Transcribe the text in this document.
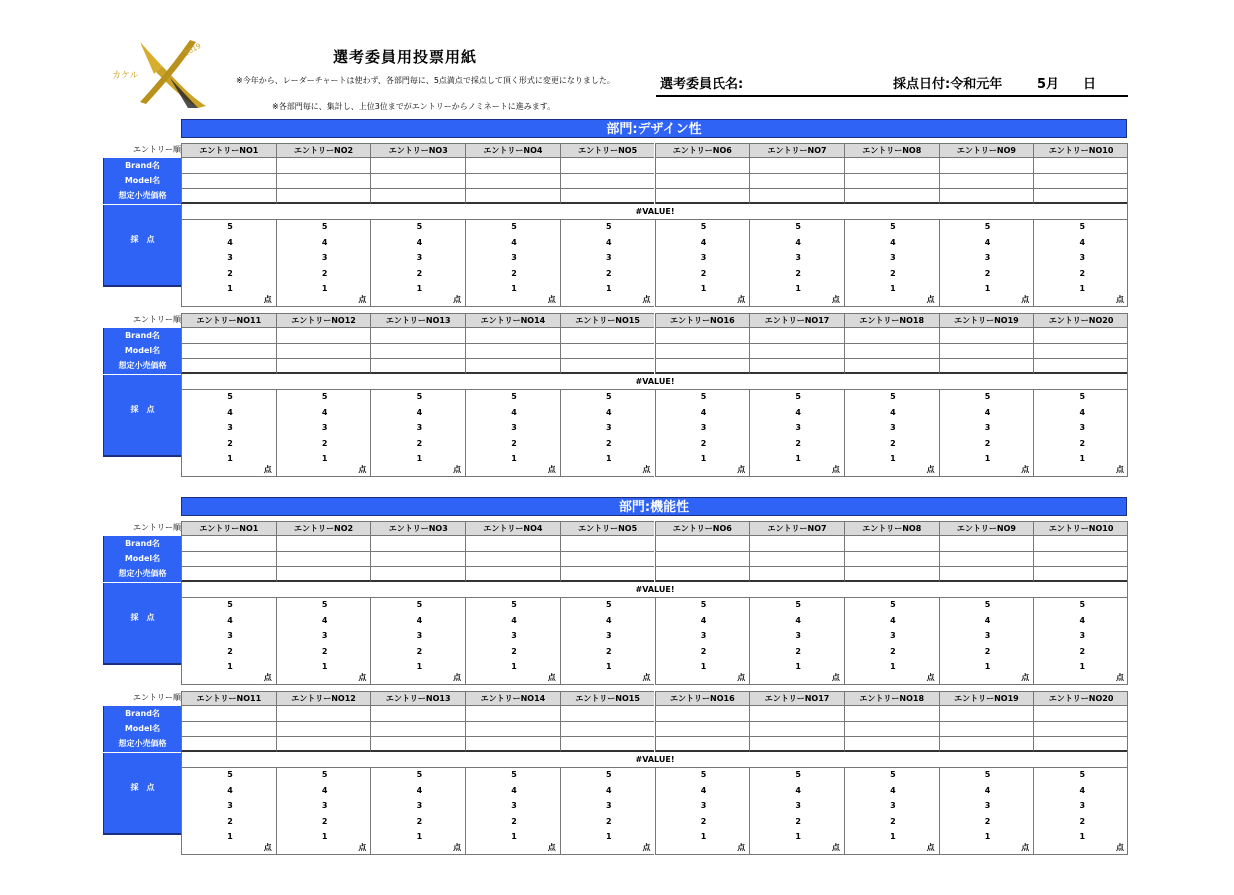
2019
カケル
選考委員用投票用紙
※今年から、レーダーチャートは使わず、各部門毎に、5点満点で採点して頂く形式に変更になりました。
※各部門毎に、集計し、上位3位までがエントリーからノミネートに進みます。
選考委員氏名:	採点日付:令和元年	5月 日
部門:デザイン性
エントリー順
Brand名
Model名
想定小売価格
採　点
エントリーNO1
5
4
3
2
1
点
エントリーNO2
5
4
3
2
1
点
エントリーNO3
5
4
3
2
1
点
エントリーNO4
5
4
3
2
1
点
エントリーNO5
5
4
3
2
1
点
エントリーNO6
5
4
3
2
1
点
エントリーNO7
5
4
3
2
1
点
エントリーNO8
5
4
3
2
1
点
エントリーNO9
5
4
3
2
1
点
エントリーNO10
5
4
3
2
1
点
#VALUE!
エントリー順
Brand名
Model名
想定小売価格
採　点
エントリーNO11
5
4
3
2
1
点
エントリーNO12
5
4
3
2
1
点
エントリーNO13
5
4
3
2
1
点
エントリーNO14
5
4
3
2
1
点
エントリーNO15
5
4
3
2
1
点
エントリーNO16
5
4
3
2
1
点
エントリーNO17
5
4
3
2
1
点
エントリーNO18
5
4
3
2
1
点
エントリーNO19
5
4
3
2
1
点
エントリーNO20
5
4
3
2
1
点
#VALUE!
部門:機能性
エントリー順
Brand名
Model名
想定小売価格
採　点
エントリーNO1
5
4
3
2
1
点
エントリーNO2
5
4
3
2
1
点
エントリーNO3
5
4
3
2
1
点
エントリーNO4
5
4
3
2
1
点
エントリーNO5
5
4
3
2
1
点
エントリーNO6
5
4
3
2
1
点
エントリーNO7
5
4
3
2
1
点
エントリーNO8
5
4
3
2
1
点
エントリーNO9
5
4
3
2
1
点
エントリーNO10
5
4
3
2
1
点
#VALUE!
エントリー順
Brand名
Model名
想定小売価格
採　点
エントリーNO11
5
4
3
2
1
点
エントリーNO12
5
4
3
2
1
点
エントリーNO13
5
4
3
2
1
点
エントリーNO14
5
4
3
2
1
点
エントリーNO15
5
4
3
2
1
点
エントリーNO16
5
4
3
2
1
点
エントリーNO17
5
4
3
2
1
点
エントリーNO18
5
4
3
2
1
点
エントリーNO19
5
4
3
2
1
点
エントリーNO20
5
4
3
2
1
点
#VALUE!
